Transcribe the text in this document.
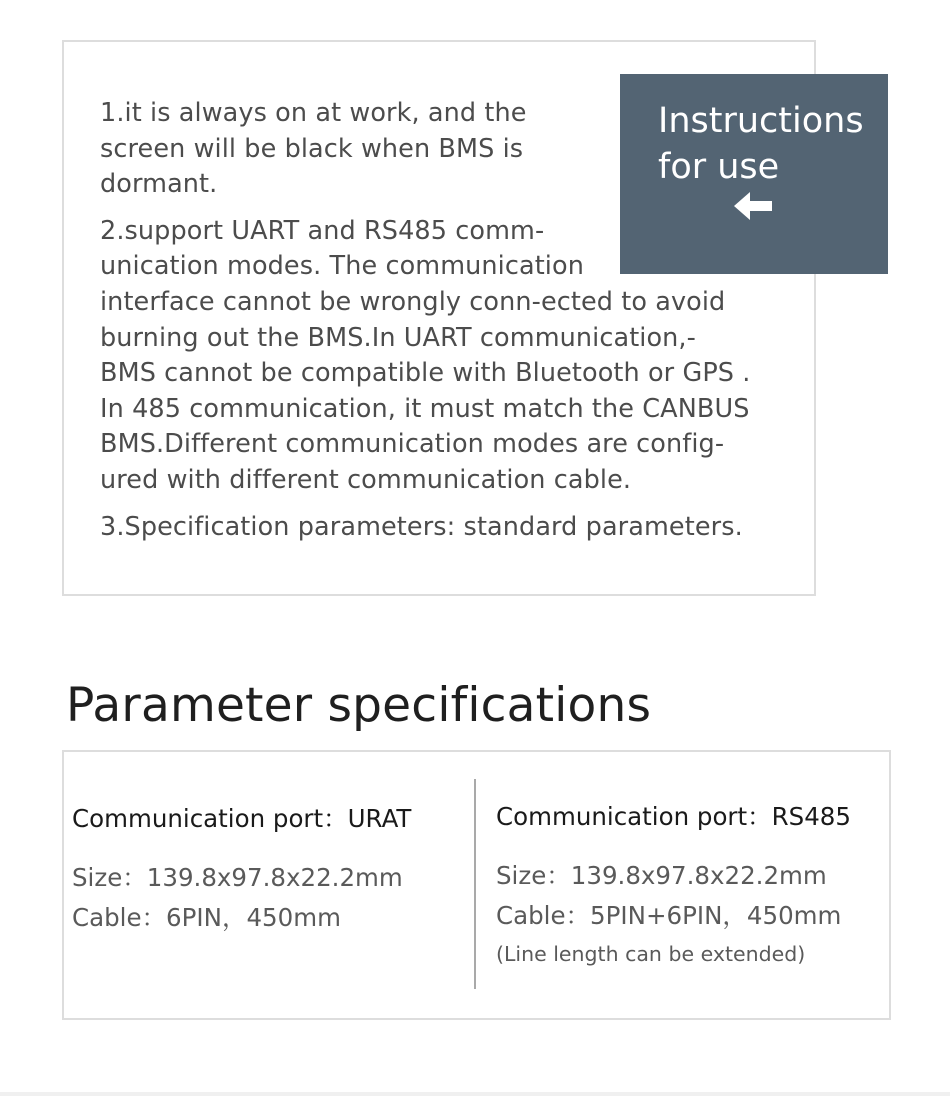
1.it is always on at work, and the
screen will be black when BMS is
dormant.
2.support UART and RS485 comm-
unication modes. The communication
interface cannot be wrongly conn-ected to avoid
burning out the BMS.In UART communication,-
BMS cannot be compatible with Bluetooth or GPS .
In 485 communication, it must match the CANBUS
BMS.Different communication modes are config-
ured with different communication cable.
3.Specification parameters: standard parameters.
Instructions
for use
Parameter specifications
Communication port：URAT
Size：139.8x97.8x22.2mm
Cable：6PIN，450mm
Communication port：RS485
Size：139.8x97.8x22.2mm
Cable：5PIN+6PIN，450mm
(Line length can be extended)
